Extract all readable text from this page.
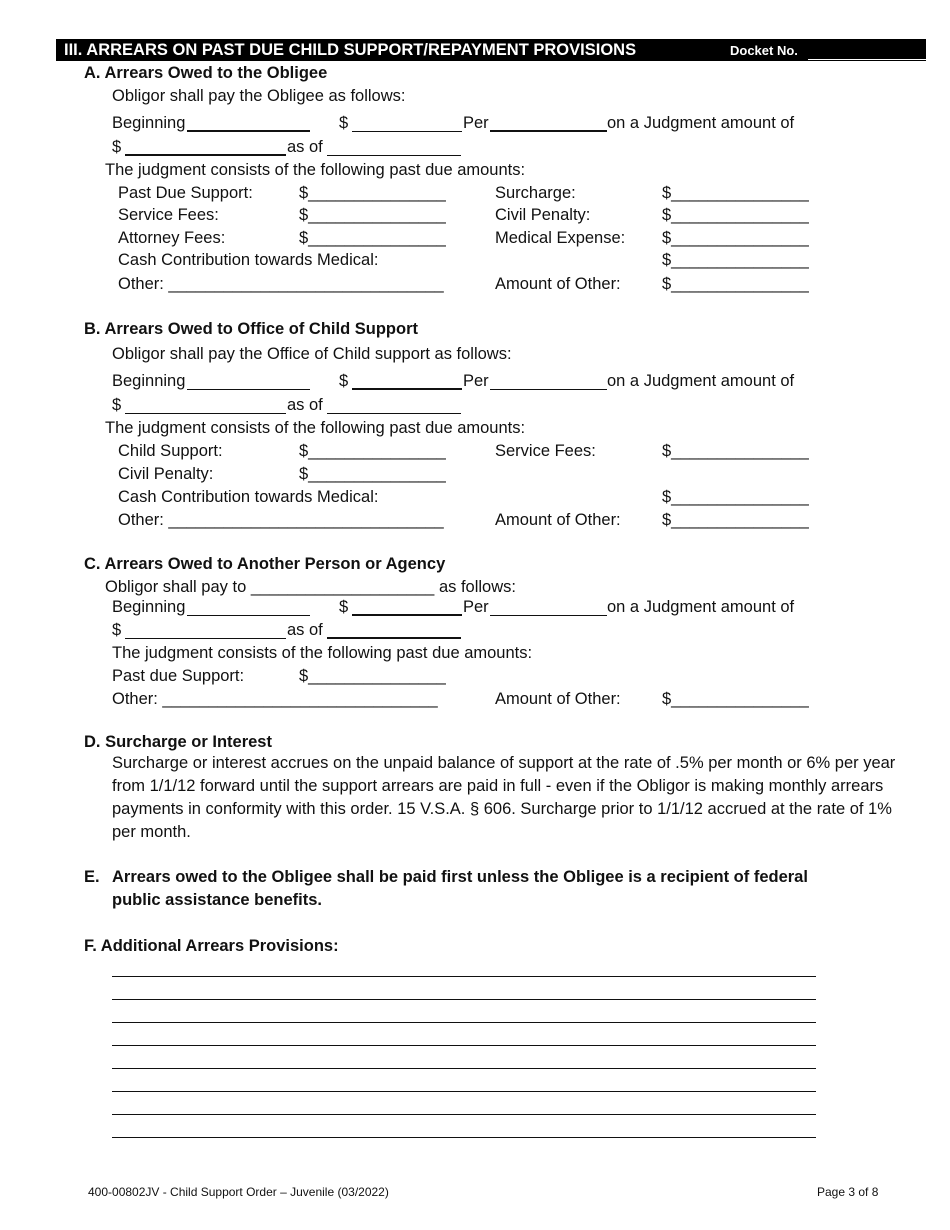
III. ARREARS ON PAST DUE CHILD SUPPORT/REPAYMENT PROVISIONS	Docket No.
A. Arrears Owed to the Obligee
Obligor shall pay the Obligee as follows:
Beginning	$	Per	on a Judgment amount of
$	as of
The judgment consists of the following past due amounts:
Past Due Support:	$_______________	Surcharge:	$_______________
Service Fees:	$_______________	Civil Penalty:	$_______________
Attorney Fees:	$_______________	Medical Expense: $_______________
Cash Contribution towards Medical:	$_______________
Other: ______________________________	Amount of Other:	$_______________
B. Arrears Owed to Office of Child Support
Obligor shall pay the Office of Child support as follows:
Beginning	$	Per	on a Judgment amount of
$	as of
The judgment consists of the following past due amounts:
Child Support:	$_______________	Service Fees:	$_______________
Civil Penalty:	$_______________
Cash Contribution towards Medical:	$_______________
Other: ______________________________	Amount of Other:	$_______________
C. Arrears Owed to Another Person or Agency
Obligor shall pay to ____________________ as follows:
Beginning	$	Per	on a Judgment amount of
$	as of
The judgment consists of the following past due amounts:
Past due Support:	$_______________
Other: ______________________________	Amount of Other:	$_______________
D. Surcharge or Interest
Surcharge or interest accrues on the unpaid balance of support at the rate of .5% per month or 6% per year from 1/1/12 forward until the support arrears are paid in full - even if the Obligor is making monthly arrears payments in conformity with this order. 15 V.S.A. § 606. Surcharge prior to 1/1/12 accrued at the rate of 1% per month.
E. Arrears owed to the Obligee shall be paid first unless the Obligee is a recipient of federal public assistance benefits.
F. Additional Arrears Provisions:
400-00802JV - Child Support Order – Juvenile (03/2022)	Page 3 of 8
